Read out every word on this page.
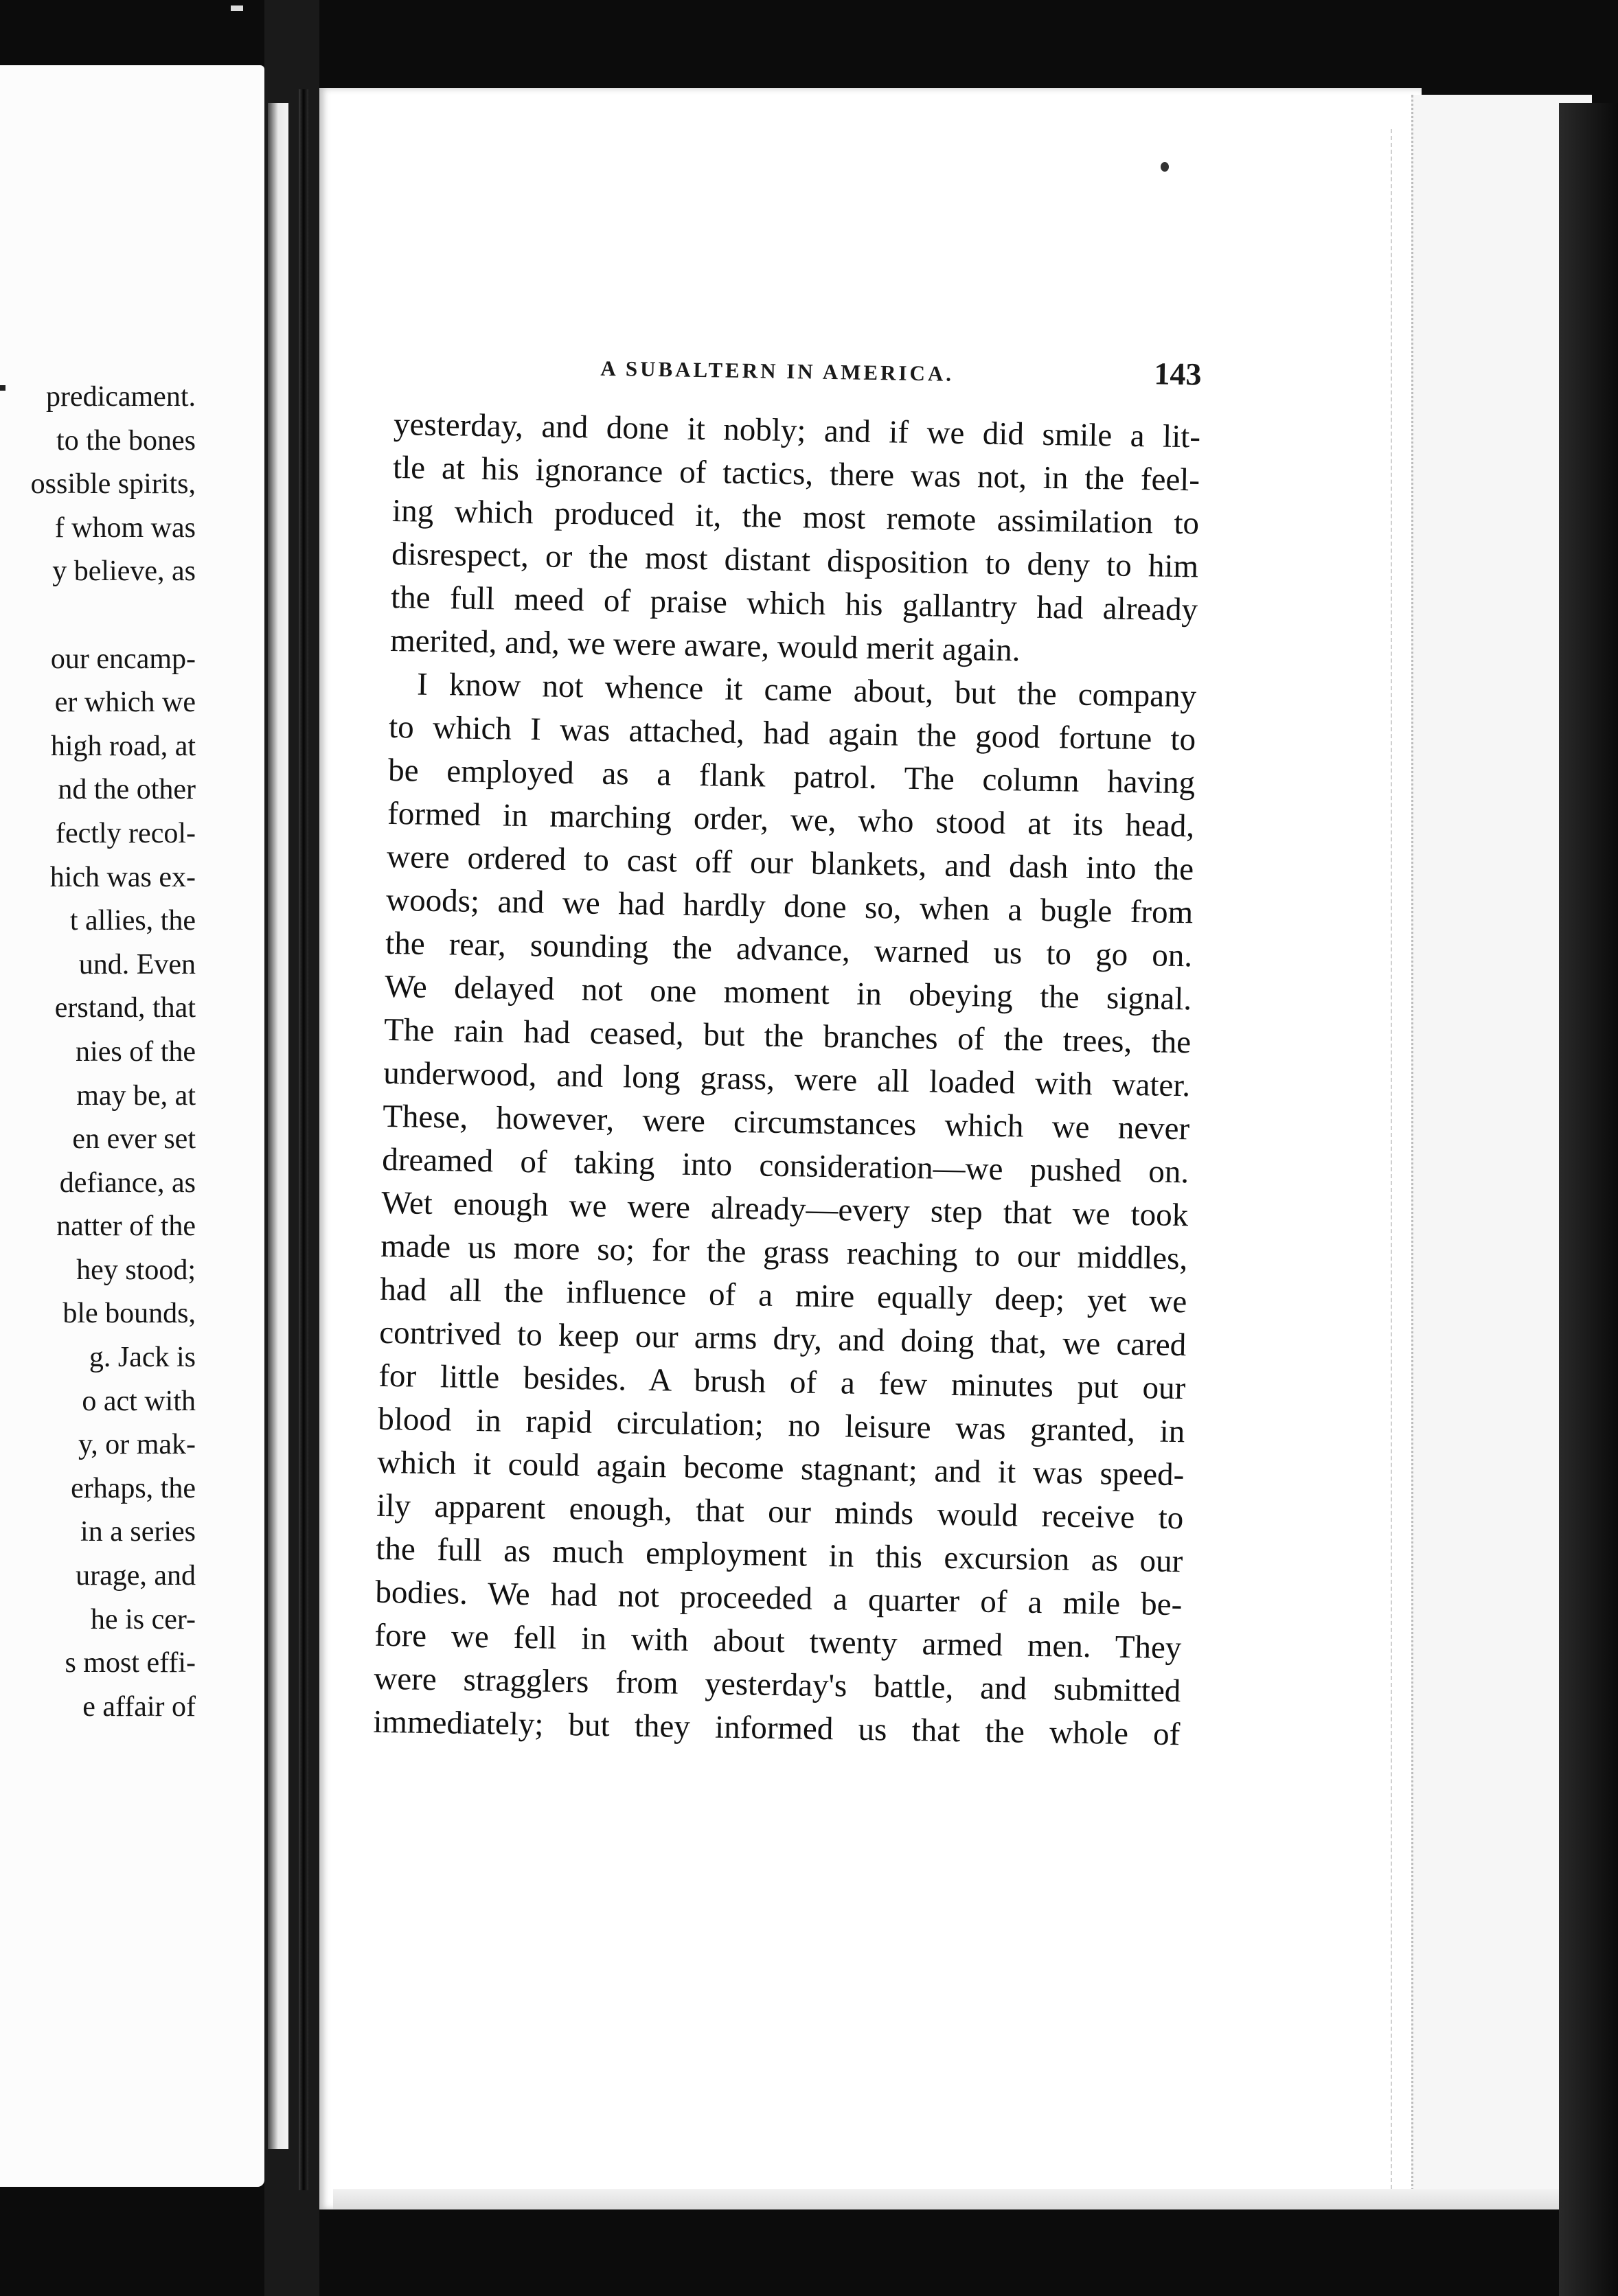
predicament.
to the bones
ossible spirits,
f whom was
y believe, as

our encamp-
er which we
high road, at
nd the other
fectly recol-
hich was ex-
t allies, the
und. Even
erstand, that
nies of the
may be, at
en ever set
defiance, as
natter of the
hey stood;
ble bounds,
g. Jack is
o act with
y, or mak-
erhaps, the
in a series
urage, and
he is cer-
s most effi-
e affair of
A SUBALTERN IN AMERICA.	143
yesterday, and done it nobly; and if we did smile a lit-
tle at his ignorance of tactics, there was not, in the feel-
ing which produced it, the most remote assimilation to
disrespect, or the most distant disposition to deny to him
the full meed of praise which his gallantry had already
merited, and, we were aware, would merit again.
I know not whence it came about, but the company
to which I was attached, had again the good fortune to
be employed as a flank patrol. The column having
formed in marching order, we, who stood at its head,
were ordered to cast off our blankets, and dash into the
woods; and we had hardly done so, when a bugle from
the rear, sounding the advance, warned us to go on.
We delayed not one moment in obeying the signal.
The rain had ceased, but the branches of the trees, the
underwood, and long grass, were all loaded with water.
These, however, were circumstances which we never
dreamed of taking into consideration—we pushed on.
Wet enough we were already—every step that we took
made us more so; for the grass reaching to our middles,
had all the influence of a mire equally deep; yet we
contrived to keep our arms dry, and doing that, we cared
for little besides. A brush of a few minutes put our
blood in rapid circulation; no leisure was granted, in
which it could again become stagnant; and it was speed-
ily apparent enough, that our minds would receive to
the full as much employment in this excursion as our
bodies. We had not proceeded a quarter of a mile be-
fore we fell in with about twenty armed men. They
were stragglers from yesterday's battle, and submitted
immediately; but they informed us that the whole of
